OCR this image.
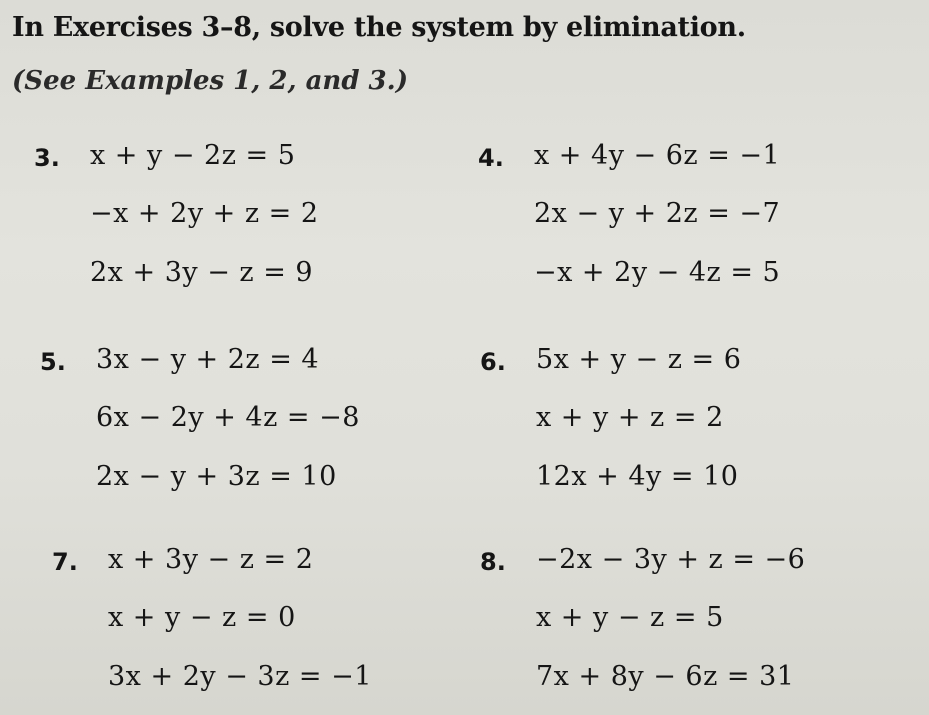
In Exercises 3–8, solve the system by elimination.
(See Examples 1, 2, and 3.)
3. x + y − 2z = 5
−x + 2y + z = 2
2x + 3y − z = 9
4. x + 4y − 6z = −1
2x − y + 2z = −7
−x + 2y − 4z = 5
5. 3x − y + 2z = 4
6x − 2y + 4z = −8
2x − y + 3z = 10
6. 5x + y − z = 6
x + y + z = 2
12x + 4y = 10
7. x + 3y − z = 2
x + y − z = 0
3x + 2y − 3z = −1
8. −2x − 3y + z = −6
x + y − z = 5
7x + 8y − 6z = 31
